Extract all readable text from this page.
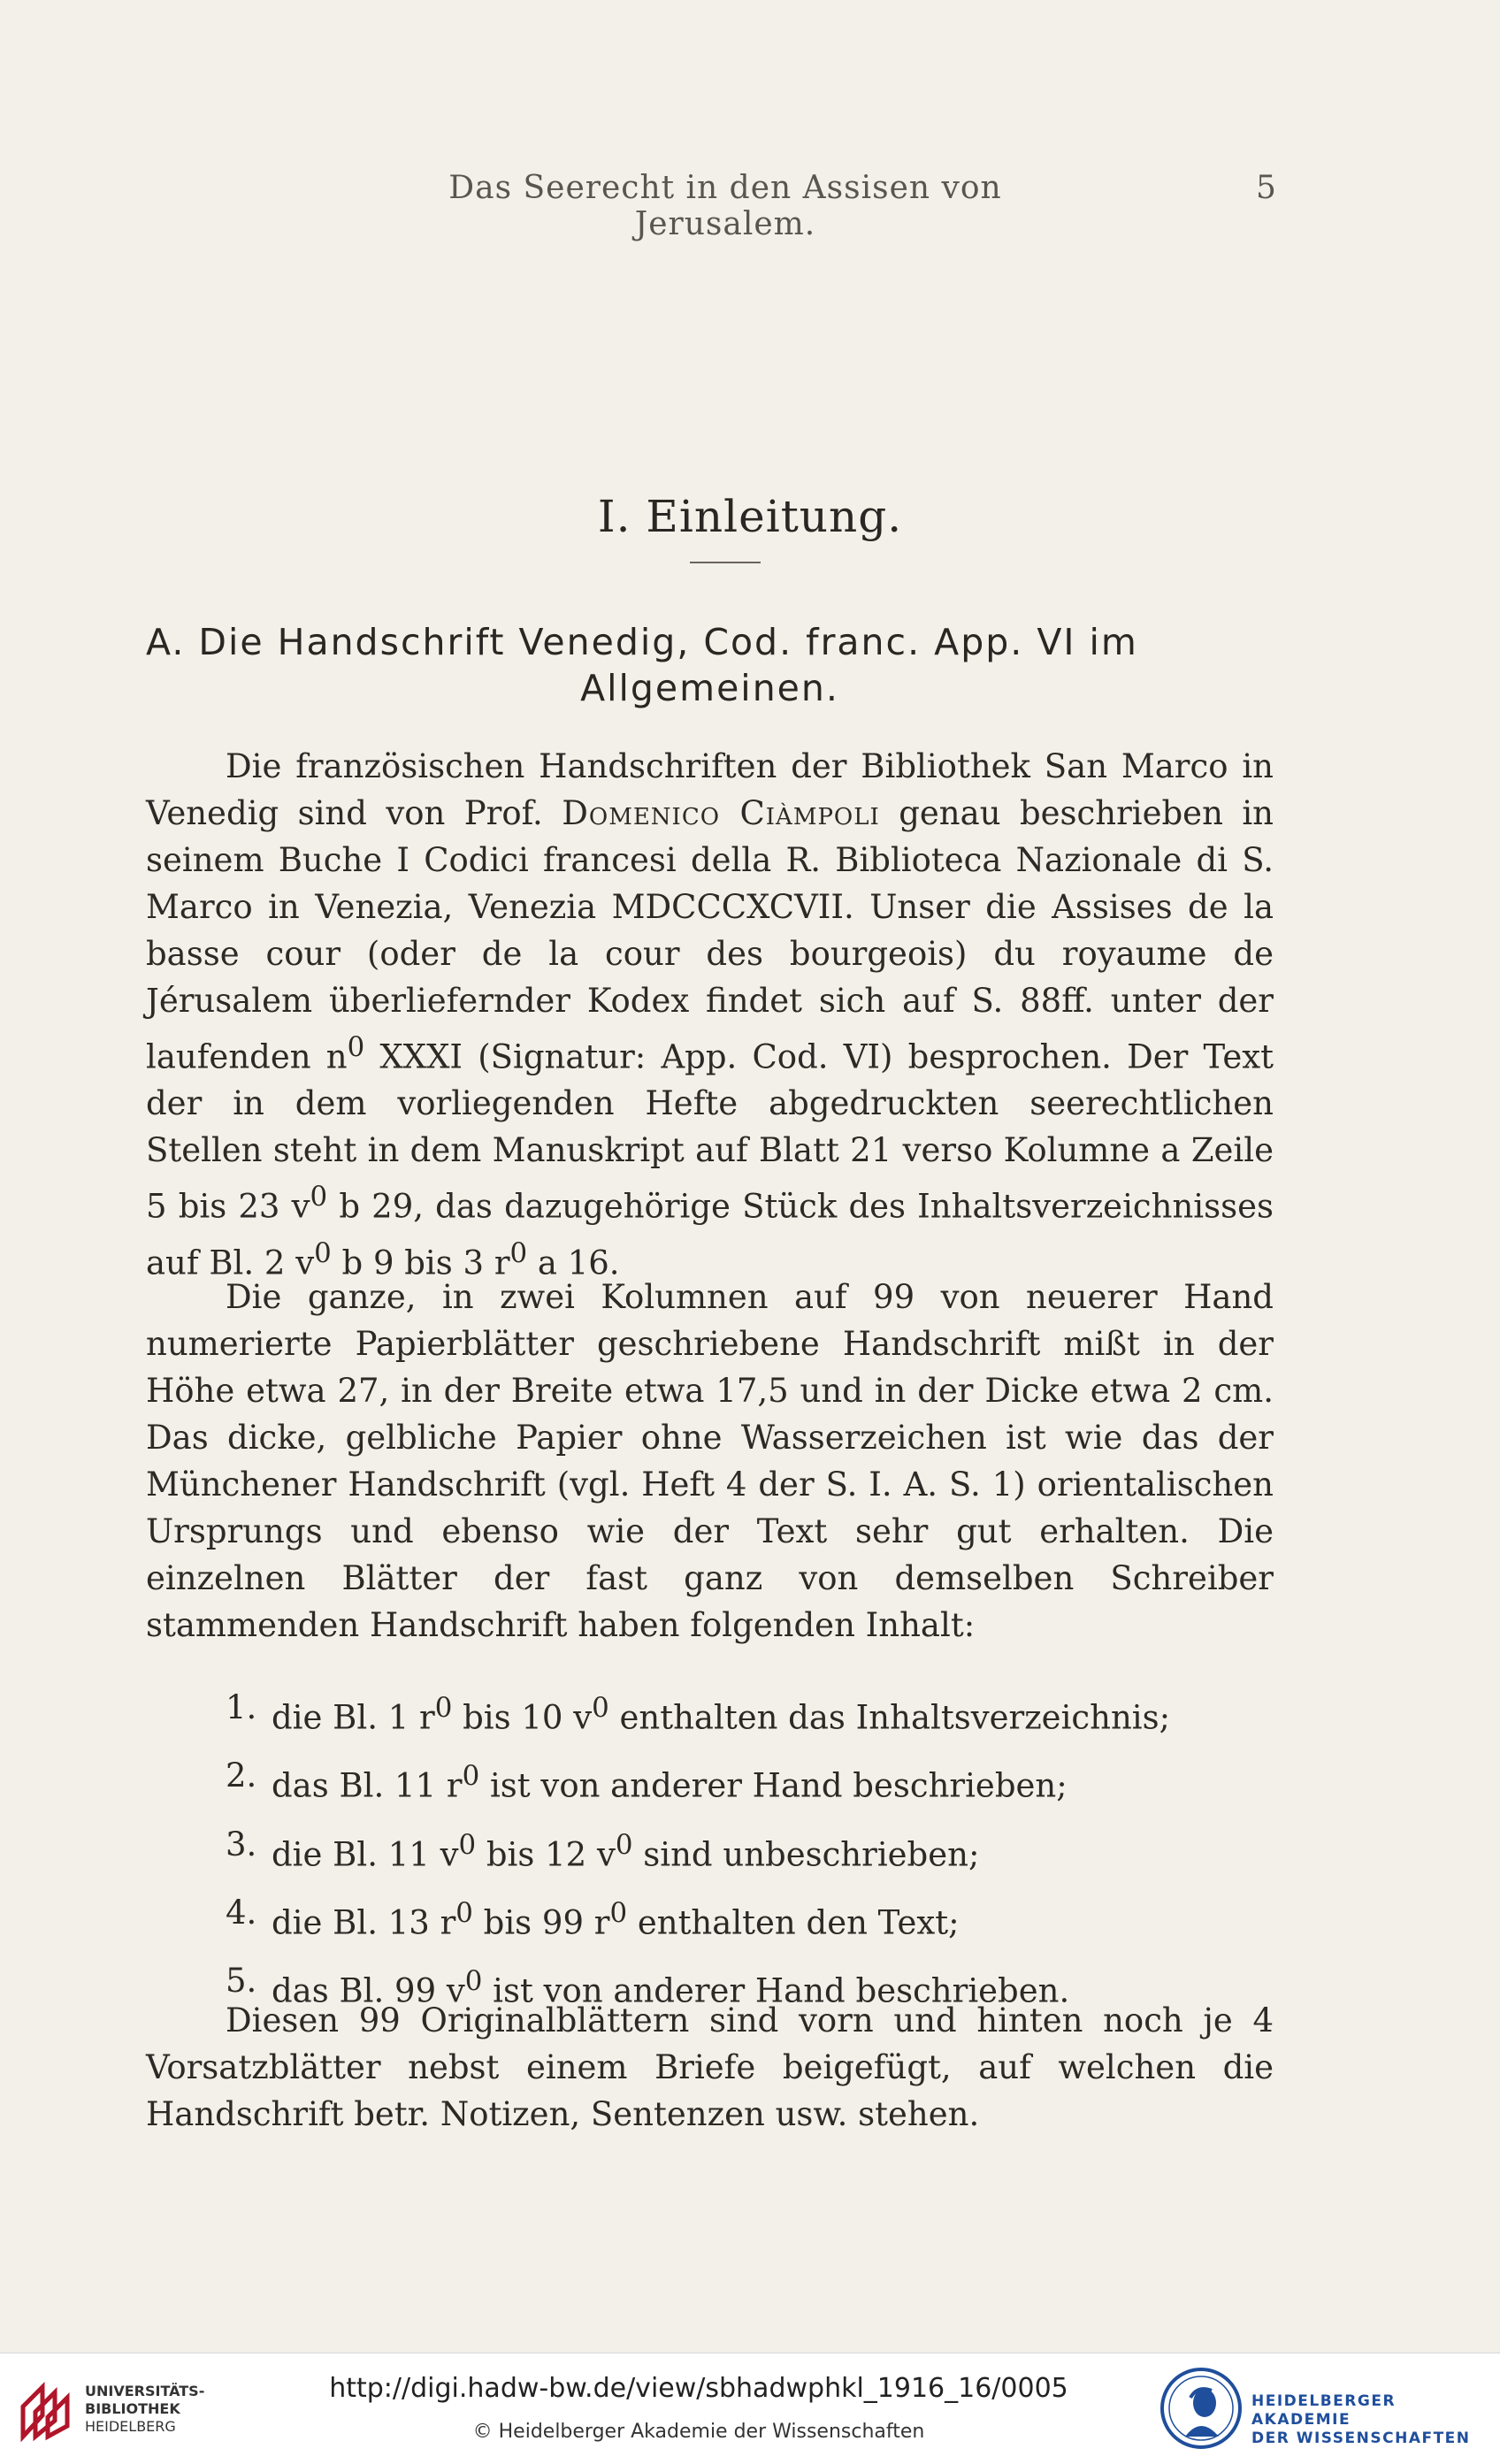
Das Seerecht in den Assisen von Jerusalem.
5
I. Einleitung.
A. Die Handschrift Venedig, Cod. franc. App. VI im
Allgemeinen.

Die französischen Handschriften der Bibliothek San Marco in Venedig sind von Prof. Domenico Ciàmpoli genau beschrieben in seinem Buche I Codici francesi della R. Biblioteca Nazionale di S. Marco in Venezia, Venezia MDCCCXCVII. Unser die Assises de la basse cour (oder de la cour des bourgeois) du royaume de Jérusalem überliefernder Kodex findet sich auf S. 88ff. unter der laufenden $n^0$ XXXI (Signatur: App. Cod. VI) besprochen. Der Text der in dem vorliegenden Hefte abgedruckten seerechtlichen Stellen steht in dem Manuskript auf Blatt 21 verso Kolumne a Zeile 5 bis 23 $v^0$ b 29, das dazugehörige Stück des Inhaltsverzeichnisses auf Bl. 2 $v^0$ b 9 bis 3 $r^0$ a 16.

Die ganze, in zwei Kolumnen auf 99 von neuerer Hand numerierte Papierblätter geschriebene Handschrift mißt in der Höhe etwa 27, in der Breite etwa 17,5 und in der Dicke etwa 2 cm. Das dicke, gelbliche Papier ohne Wasserzeichen ist wie das der Münchener Handschrift (vgl. Heft 4 der S. I. A. S. 1) orientalischen Ursprungs und ebenso wie der Text sehr gut erhalten. Die einzelnen Blätter der fast ganz von demselben Schreiber stammenden Handschrift haben folgenden Inhalt:

1. die Bl. 1 $r^0$ bis 10 $v^0$ enthalten das Inhaltsverzeichnis;
2. das Bl. 11 $r^0$ ist von anderer Hand beschrieben;
3. die Bl. 11 $v^0$ bis 12 $v^0$ sind unbeschrieben;
4. die Bl. 13 $r^0$ bis 99 $r^0$ enthalten den Text;
5. das Bl. 99 $v^0$ ist von anderer Hand beschrieben.

Diesen 99 Originalblättern sind vorn und hinten noch je 4 Vorsatzblätter nebst einem Briefe beigefügt, auf welchen die Handschrift betr. Notizen, Sentenzen usw. stehen.

UNIVERSITÄTS-
BIBLIOTHEK
HEIDELBERG
http://digi.hadw-bw.de/view/sbhadwphkl_1916_16/0005
© Heidelberger Akademie der Wissenschaften
HEIDELBERGER AKADEMIE
DER WISSENSCHAFTEN
